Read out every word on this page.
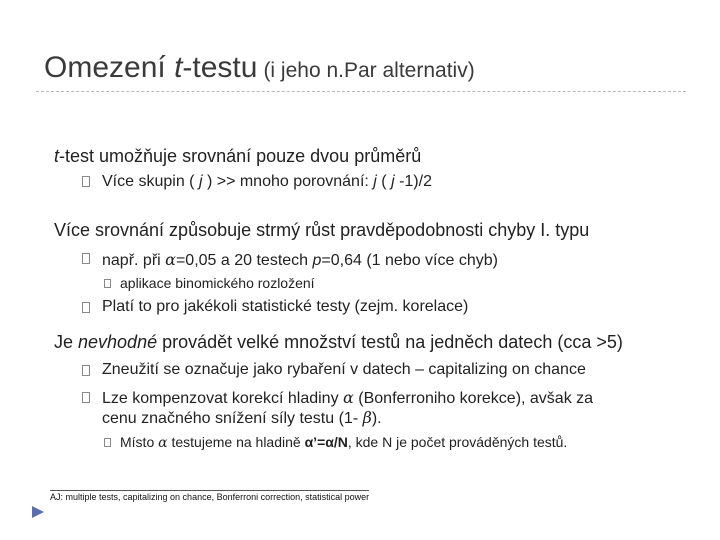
Omezení t-testu (i jeho n.Par alternativ)
t-test umožňuje srovnání pouze dvou průměrů
Více skupin ( j ) >> mnoho porovnání: j ( j -1)/2
Více srovnání způsobuje strmý růst pravděpodobnosti chyby I. typu
např. při α=0,05 a 20 testech p=0,64 (1 nebo více chyb)
aplikace binomického rozložení
Platí to pro jakékoli statistické testy (zejm. korelace)
Je nevhodné provádět velké množství testů na jedněch datech (cca >5)
Zneužití se označuje jako rybaření v datech – capitalizing on chance
Lze kompenzovat korekcí hladiny α (Bonferroniho korekce), avšak za
cenu značného snížení síly testu (1- β).
Místo α testujeme na hladině α’=α/N, kde N je počet prováděných testů.
AJ: multiple tests, capitalizing on chance, Bonferroni correction, statistical power
